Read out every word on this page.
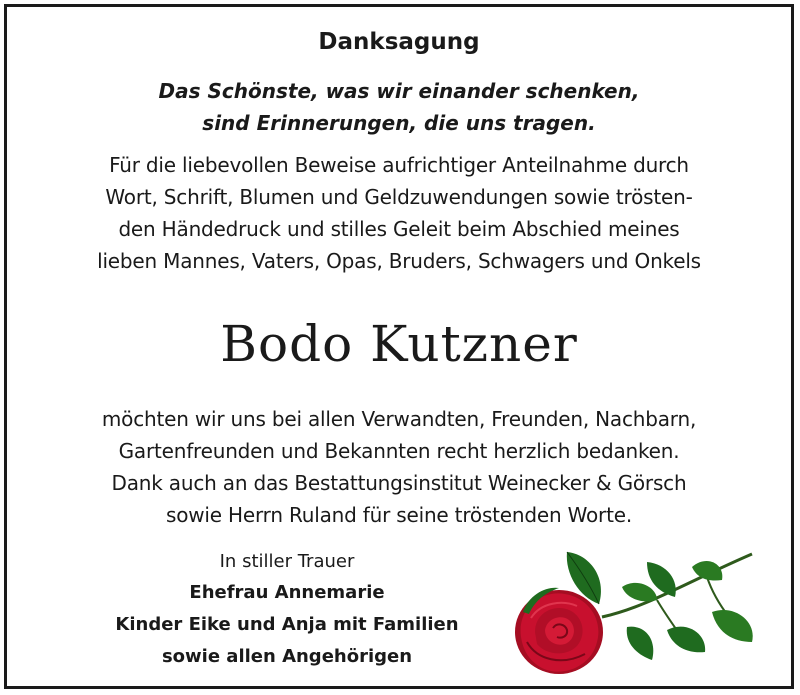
Danksagung
Das Schönste, was wir einander schenken,
sind Erinnerungen, die uns tragen.
Für die liebevollen Beweise aufrichtiger Anteilnahme durch
Wort, Schrift, Blumen und Geldzuwendungen sowie trösten-
den Händedruck und stilles Geleit beim Abschied meines
lieben Mannes, Vaters, Opas, Bruders, Schwagers und Onkels
Bodo Kutzner
möchten wir uns bei allen Verwandten, Freunden, Nachbarn,
Gartenfreunden und Bekannten recht herzlich bedanken.
Dank auch an das Bestattungsinstitut Weinecker & Görsch
sowie Herrn Ruland für seine tröstenden Worte.
In stiller Trauer
Ehefrau Annemarie
Kinder Eike und Anja mit Familien
sowie allen Angehörigen
